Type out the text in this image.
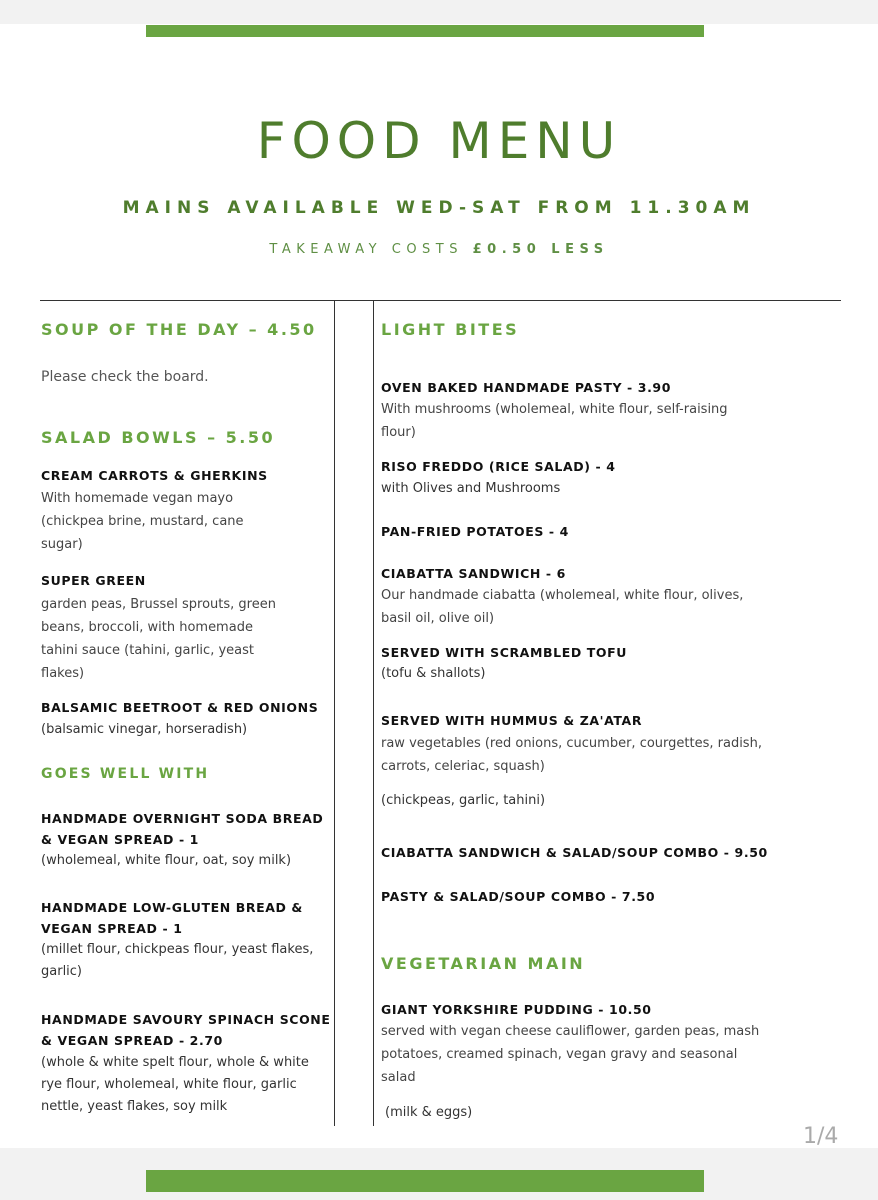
FOOD MENU
MAINS AVAILABLE WED-SAT FROM 11.30AM
TAKEAWAY COSTS £0.50 LESS
SOUP OF THE DAY – 4.50
Please check the board.
SALAD BOWLS – 5.50
CREAM CARROTS & GHERKINS
With homemade vegan mayo
(chickpea brine, mustard, cane
sugar)
SUPER GREEN
garden peas, Brussel sprouts, green
beans, broccoli, with homemade
tahini sauce (tahini, garlic, yeast
flakes)
BALSAMIC BEETROOT & RED ONIONS
(balsamic vinegar, horseradish)
GOES WELL WITH
HANDMADE OVERNIGHT SODA BREAD
& VEGAN SPREAD - 1
(wholemeal, white flour, oat, soy milk)
HANDMADE LOW-GLUTEN BREAD &
VEGAN SPREAD - 1
(millet flour, chickpeas flour, yeast flakes,
garlic)
HANDMADE SAVOURY SPINACH SCONE
& VEGAN SPREAD - 2.70
(whole & white spelt flour, whole & white
rye flour, wholemeal, white flour, garlic
nettle, yeast flakes, soy milk
LIGHT BITES
OVEN BAKED HANDMADE PASTY - 3.90
With mushrooms (wholemeal, white flour, self-raising
flour)
RISO FREDDO (RICE SALAD) - 4
with Olives and Mushrooms
PAN-FRIED POTATOES - 4
CIABATTA SANDWICH - 6
Our handmade ciabatta (wholemeal, white flour, olives,
basil oil, olive oil)
SERVED WITH SCRAMBLED TOFU
(tofu & shallots)
SERVED WITH HUMMUS & ZA'ATAR
raw vegetables (red onions, cucumber, courgettes, radish,
carrots, celeriac, squash)
(chickpeas, garlic, tahini)
CIABATTA SANDWICH & SALAD/SOUP COMBO - 9.50
PASTY & SALAD/SOUP COMBO - 7.50
VEGETARIAN MAIN
GIANT YORKSHIRE PUDDING - 10.50
served with vegan cheese cauliflower, garden peas, mash
potatoes, creamed spinach, vegan gravy and seasonal
salad
(milk & eggs)
1/4
